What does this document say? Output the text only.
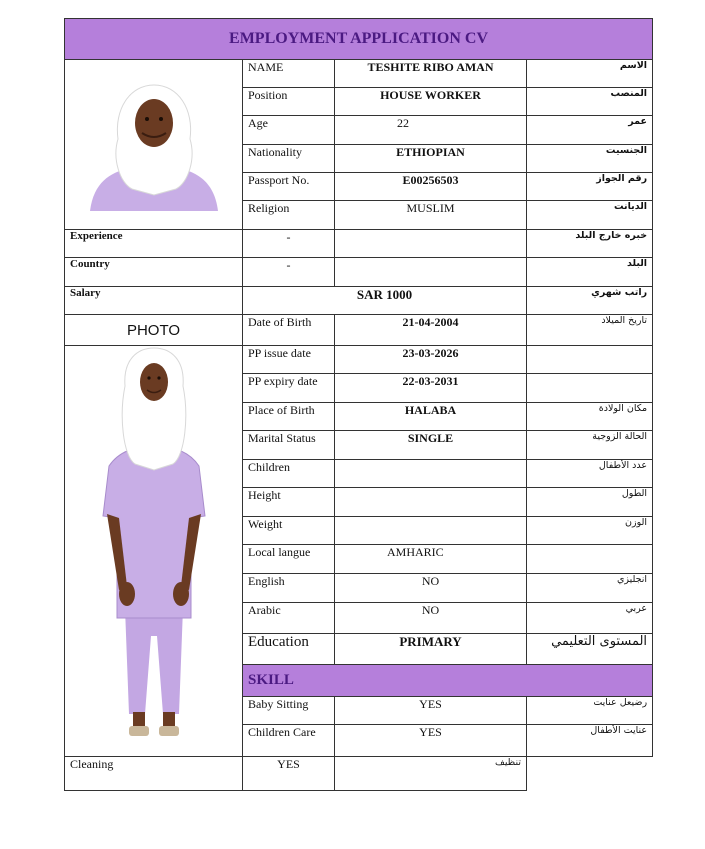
EMPLOYMENT APPLICATION CV			

	NAME	TESHITE RIBO AMAN	الاسم
	Position	HOUSE WORKER	المنصب
	Age	22	عمر
	Nationality	ETHIOPIAN	الجنسيت
	Passport No.	E00256503	رقم الجواز
	Religion	MUSLIM	الديانت
Experience	-		خبره خارج البلد
Country	-		البلد
Salary	SAR 1000		راتب شهري
PHOTO	Date of Birth	21-04-2004	تاريخ الميلاد

	PP issue date	23-03-2026	
	PP expiry date	22-03-2031	
	Place of Birth	HALABA	مكان الولادة
	Marital Status	SINGLE	الحالة الزوجية
	Children		عدد الأطفال
	Height		الطول
	Weight		الوزن
	Local langue	AMHARIC	
	English	NO	انجليزي
	Arabic	NO	عربي
	Education	PRIMARY	المستوى التعليمي
	SKILL		
	Baby Sitting	YES	رضيعل عنايت
	Children Care	YES	عنايت الأطفال
Cleaning	YES	تنظيف	
